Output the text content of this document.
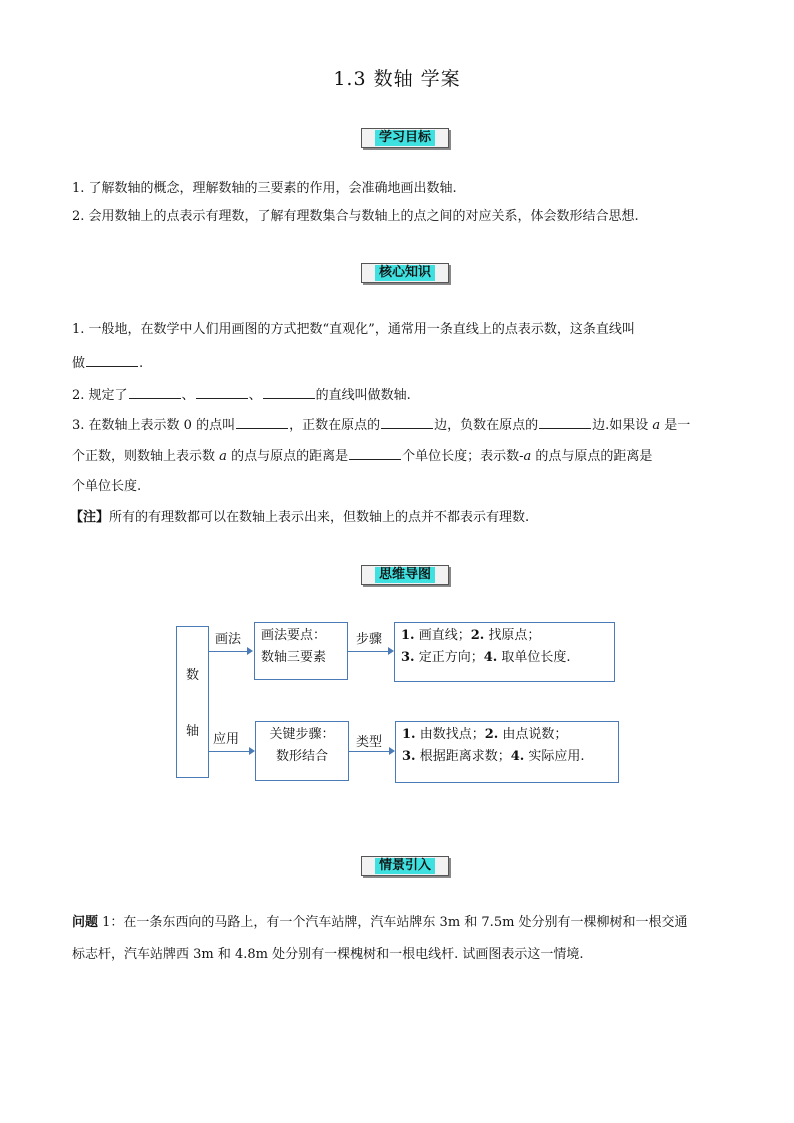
1.3 数轴 学案
学习目标
1. 了解数轴的概念，理解数轴的三要素的作用，会准确地画出数轴.
2. 会用数轴上的点表示有理数，了解有理数集合与数轴上的点之间的对应关系，体会数形结合思想.
核心知识
1. 一般地，在数学中人们用画图的方式把数“直观化”，通常用一条直线上的点表示数，这条直线叫
做	.
2. 规定了	、	、	的直线叫做数轴.
3. 在数轴上表示数 0 的点叫	，正数在原点的	边，负数在原点的	边.如果设 a 是一
个正数，则数轴上表示数 a 的点与原点的距离是	个单位长度；表示数-a 的点与原点的距离是
个单位长度.
【注】所有的有理数都可以在数轴上表示出来，但数轴上的点并不都表示有理数.
思维导图
数
轴
画法 画法要点：
数轴三要素
步骤 1. 画直线；2. 找原点；
3. 定正方向；4. 取单位长度.
应用	关键步骤：
数形结合
类型
1. 由数找点；2. 由点说数；
3. 根据距离求数；4. 实际应用.
情景引入
问题 1：在一条东西向的马路上，有一个汽车站牌，汽车站牌东 3m 和 7.5m 处分别有一棵柳树和一根交通
标志杆，汽车站牌西 3m 和 4.8m 处分别有一棵槐树和一根电线杆. 试画图表示这一情境.
